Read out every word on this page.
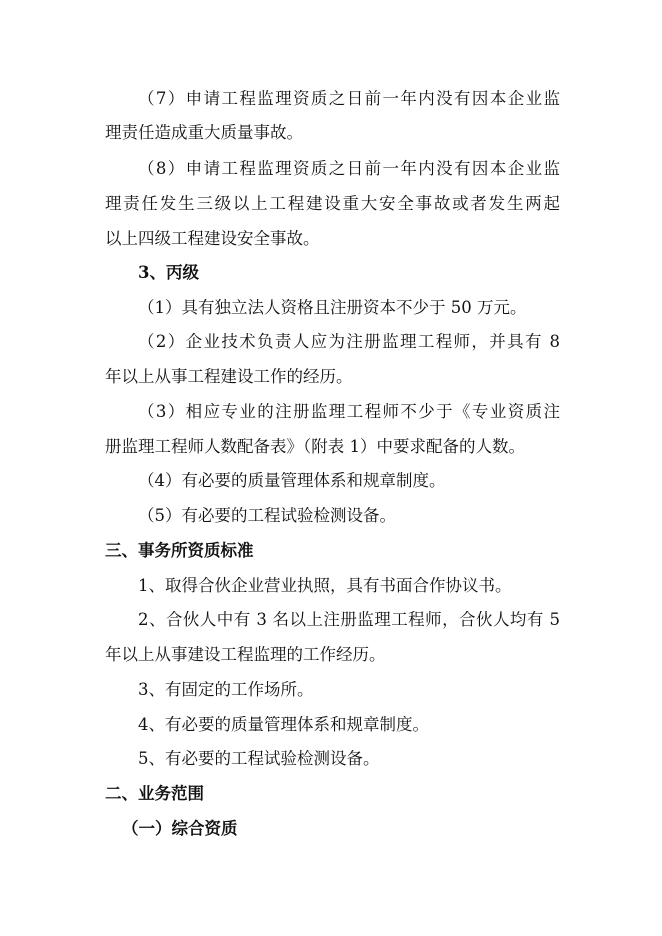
（7）申请工程监理资质之日前一年内没有因本企业监
理责任造成重大质量事故。
（8）申请工程监理资质之日前一年内没有因本企业监
理责任发生三级以上工程建设重大安全事故或者发生两起
以上四级工程建设安全事故。
3、丙级
（1）具有独立法人资格且注册资本不少于 50 万元。
（2）企业技术负责人应为注册监理工程师，并具有 8
年以上从事工程建设工作的经历。
（3）相应专业的注册监理工程师不少于《专业资质注
册监理工程师人数配备表》（附表 1）中要求配备的人数。
（4）有必要的质量管理体系和规章制度。
（5）有必要的工程试验检测设备。
三、事务所资质标准
1、取得合伙企业营业执照，具有书面合作协议书。
2、合伙人中有 3 名以上注册监理工程师，合伙人均有 5
年以上从事建设工程监理的工作经历。
3、有固定的工作场所。
4、有必要的质量管理体系和规章制度。
5、有必要的工程试验检测设备。
二、业务范围
（一）综合资质
